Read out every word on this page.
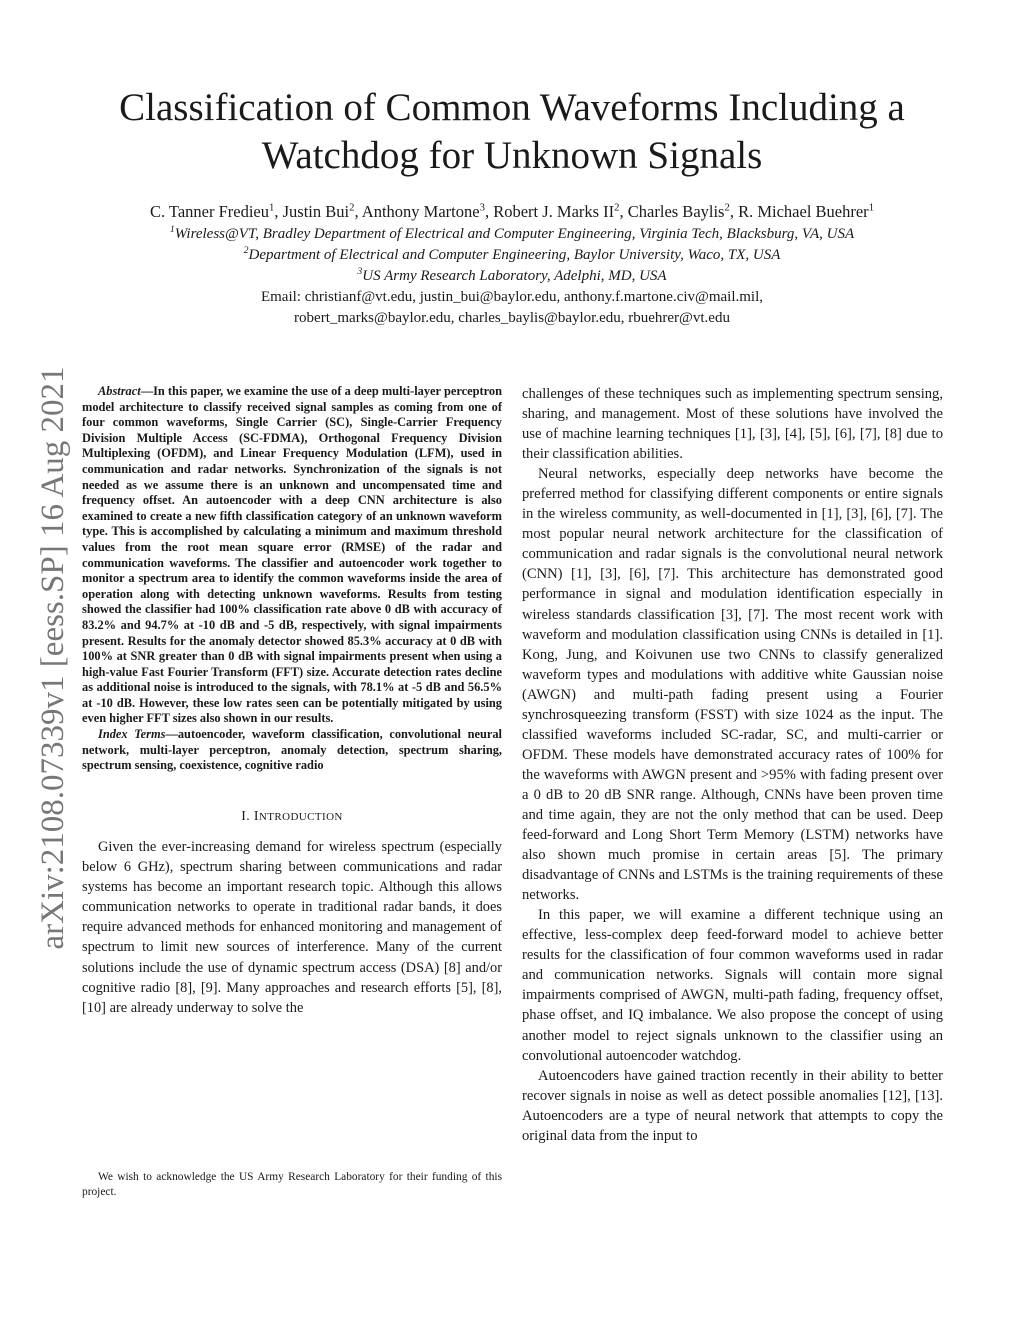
Classification of Common Waveforms Including a
Watchdog for Unknown Signals
C. Tanner Fredieu$^1$, Justin Bui$^2$, Anthony Martone$^3$, Robert J. Marks $II^2$, Charles Baylis$^2$, R. Michael Buehrer$^1$
$^1$Wireless@VT, Bradley Department of Electrical and Computer Engineering, Virginia Tech, Blacksburg, VA, USA
$^2$Department of Electrical and Computer Engineering, Baylor University, Waco, TX, USA
$^3$US Army Research Laboratory, Adelphi, MD, USA
Email: christianf@vt.edu, justin_bui@baylor.edu, anthony.f.martone.civ@mail.mil,
robert_marks@baylor.edu, charles_baylis@baylor.edu, rbuehrer@vt.edu
arXiv:2108.07339v1 [eess.SP] 16 Aug 2021	Abstract—In this paper, we examine the use of a deep multi-layer perceptron model architecture to classify received signal samples as coming from one of four common waveforms, Single Carrier (SC), Single-Carrier Frequency Division Multiple Access (SC-FDMA), Orthogonal Frequency Division Multiplexing (OFDM), and Linear Frequency Modulation (LFM), used in communication and radar networks. Synchronization of the signals is not needed as we assume there is an unknown and uncompensated time and frequency offset. An autoencoder with a deep CNN architecture is also examined to create a new fifth classification category of an unknown waveform type. This is accomplished by calculating a minimum and maximum threshold values from the root mean square error (RMSE) of the radar and communication waveforms. The classifier and autoencoder work together to monitor a spectrum area to identify the common waveforms inside the area of operation along with detecting unknown waveforms. Results from testing showed the classifier had 100% classification rate above 0 dB with accuracy of 83.2% and 94.7% at -10 dB and -5 dB, respectively, with signal impairments present. Results for the anomaly detector showed 85.3% accuracy at 0 dB with 100% at SNR greater than 0 dB with signal impairments present when using a high-value Fast Fourier Transform (FFT) size. Accurate detection rates decline as additional noise is introduced to the signals, with 78.1% at -5 dB and 56.5% at -10 dB. However, these low rates seen can be potentially mitigated by using even higher FFT sizes also shown in our results.

Index Terms—autoencoder, waveform classification, convolutional neural network, multi-layer perceptron, anomaly detection, spectrum sharing, spectrum sensing, coexistence, cognitive radio

I. INTRODUCTION

Given the ever-increasing demand for wireless spectrum (especially below 6 GHz), spectrum sharing between communications and radar systems has become an important research topic. Although this allows communication networks to operate in traditional radar bands, it does require advanced methods for enhanced monitoring and management of spectrum to limit new sources of interference. Many of the current solutions include the use of dynamic spectrum access (DSA) [8] and/or cognitive radio [8], [9]. Many approaches and research efforts [5], [8], [10] are already underway to solve the

We wish to acknowledge the US Army Research Laboratory for their funding of this project.

challenges of these techniques such as implementing spectrum sensing, sharing, and management. Most of these solutions have involved the use of machine learning techniques [1], [3], [4], [5], [6], [7], [8] due to their classification abilities.

Neural networks, especially deep networks have become the preferred method for classifying different components or entire signals in the wireless community, as well-documented in [1], [3], [6], [7]. The most popular neural network architecture for the classification of communication and radar signals is the convolutional neural network (CNN) [1], [3], [6], [7]. This architecture has demonstrated good performance in signal and modulation identification especially in wireless standards classification [3], [7]. The most recent work with waveform and modulation classification using CNNs is detailed in [1]. Kong, Jung, and Koivunen use two CNNs to classify generalized waveform types and modulations with additive white Gaussian noise (AWGN) and multi-path fading present using a Fourier synchrosqueezing transform (FSST) with size 1024 as the input. The classified waveforms included SC-radar, SC, and multi-carrier or OFDM. These models have demonstrated accuracy rates of 100% for the waveforms with AWGN present and >95% with fading present over a 0 dB to 20 dB SNR range. Although, CNNs have been proven time and time again, they are not the only method that can be used. Deep feed-forward and Long Short Term Memory (LSTM) networks have also shown much promise in certain areas [5]. The primary disadvantage of CNNs and LSTMs is the training requirements of these networks.

In this paper, we will examine a different technique using an effective, less-complex deep feed-forward model to achieve better results for the classification of four common waveforms used in radar and communication networks. Signals will contain more signal impairments comprised of AWGN, multi-path fading, frequency offset, phase offset, and IQ imbalance. We also propose the concept of using another model to reject signals unknown to the classifier using an convolutional autoencoder watchdog.

Autoencoders have gained traction recently in their ability to better recover signals in noise as well as detect possible anomalies [12], [13]. Autoencoders are a type of neural network that attempts to copy the original data from the input to
